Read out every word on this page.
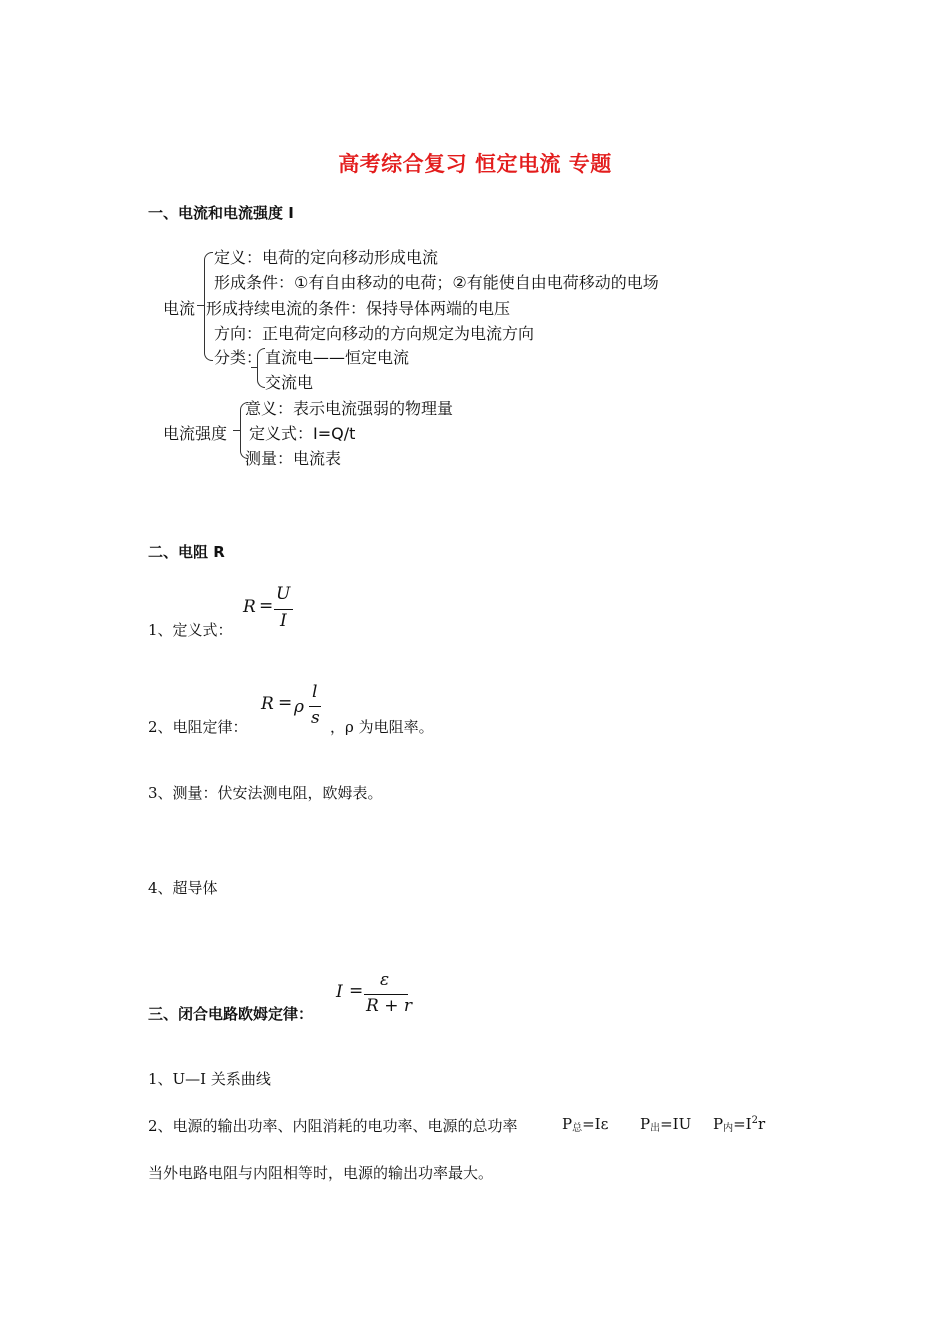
高考综合复习 恒定电流 专题
一、电流和电流强度 I
电流
定义：电荷的定向移动形成电流
形成条件：①有自由移动的电荷；②有能使自由电荷移动的电场
形成持续电流的条件：保持导体两端的电压
方向：正电荷定向移动的方向规定为电流方向
分类： 直流电——恒定电流
交流电
电流强度
意义：表示电流强弱的物理量
定义式：I=Q/t
测量：电流表
二、电阻 R
1、定义式：
R =
U
I
2、电阻定律：
R = ρ
l
s ，ρ 为电阻率。
3、测量：伏安法测电阻，欧姆表。
4、超导体
三、闭合电路欧姆定律：
I =
ε
R + r
1、U—I 关系曲线
2、电源的输出功率、内阻消耗的电功率、电源的总功率	$P_总=I\varepsilon$ $P_出=IU$ $P_内=I^2r$
当外电路电阻与内阻相等时，电源的输出功率最大。
